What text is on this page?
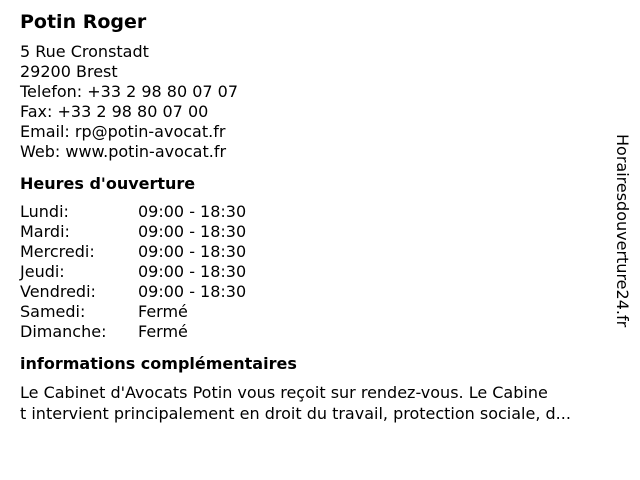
Potin Roger
5 Rue Cronstadt
29200 Brest
Telefon: +33 2 98 80 07 07
Fax: +33 2 98 80 07 00
Email: rp@potin-avocat.fr
Web: www.potin-avocat.fr
Heures d'ouverture
Lundi:	09:00 - 18:30
Mardi:	09:00 - 18:30
Mercredi:	09:00 - 18:30
Jeudi:	09:00 - 18:30
Vendredi:	09:00 - 18:30
Samedi:	Fermé
Dimanche:	Fermé
informations complémentaires
Le Cabinet d'Avocats Potin vous reçoit sur rendez-vous. Le Cabine
t intervient principalement en droit du travail, protection sociale, d...
Horairesdouverture24.fr
